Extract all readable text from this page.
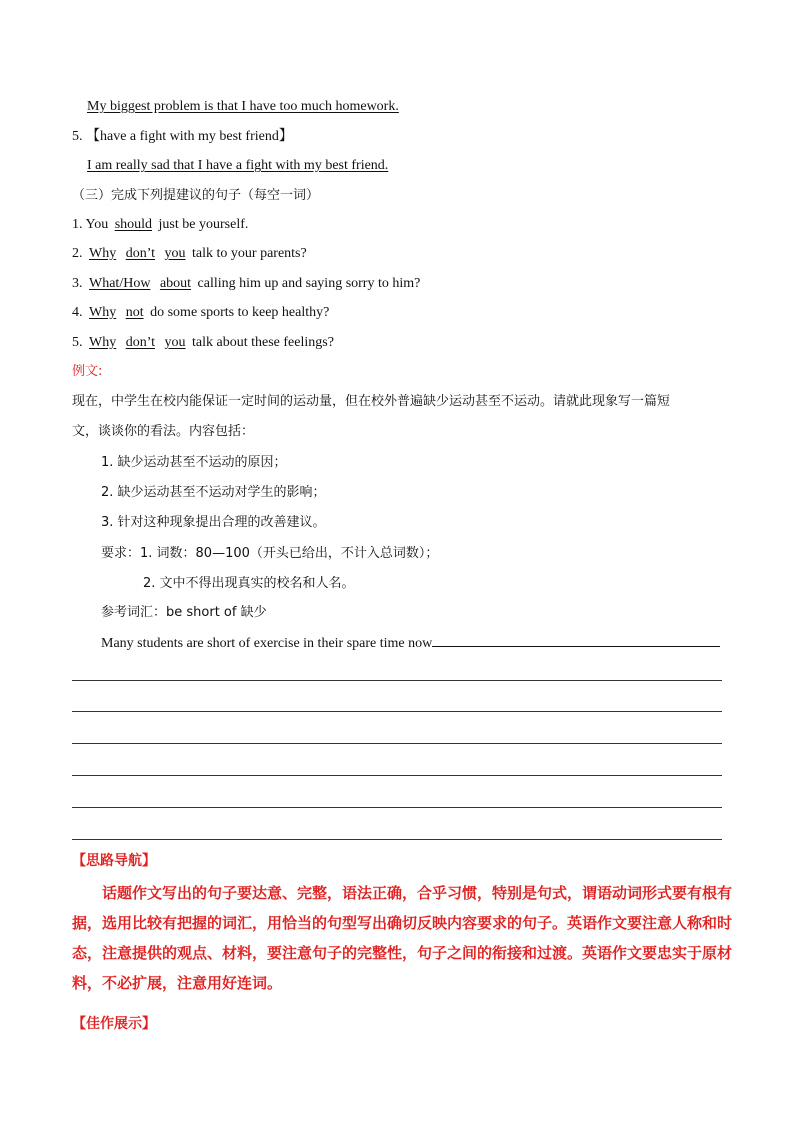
My biggest problem is that I have too much homework.
5. 【have a fight with my best friend】
I am really sad that I have a fight with my best friend.
（三）完成下列提建议的句子（每空一词）
1. You should just be yourself.
2. Why don’t you talk to your parents?
3. What/How about calling him up and saying sorry to him?
4. Why not do some sports to keep healthy?
5. Why don’t you talk about these feelings?
例文:
现在，中学生在校内能保证一定时间的运动量，但在校外普遍缺少运动甚至不运动。请就此现象写一篇短
文，谈谈你的看法。内容包括：
1. 缺少运动甚至不运动的原因；
2. 缺少运动甚至不运动对学生的影响；
3. 针对这种现象提出合理的改善建议。
要求：1. 词数：80—100（开头已给出，不计入总词数）；
2. 文中不得出现真实的校名和人名。
参考词汇：be short of 缺少
Many students are short of exercise in their spare time now
【思路导航】
话题作文写出的句子要达意、完整，语法正确，合乎习惯，特别是句式，谓语动词形式要有根有据，选用比较有把握的词汇，用恰当的句型写出确切反映内容要求的句子。英语作文要注意人称和时态，注意提供的观点、材料，要注意句子的完整性，句子之间的衔接和过渡。英语作文要忠实于原材料，不必扩展，注意用好连词。
【佳作展示】
